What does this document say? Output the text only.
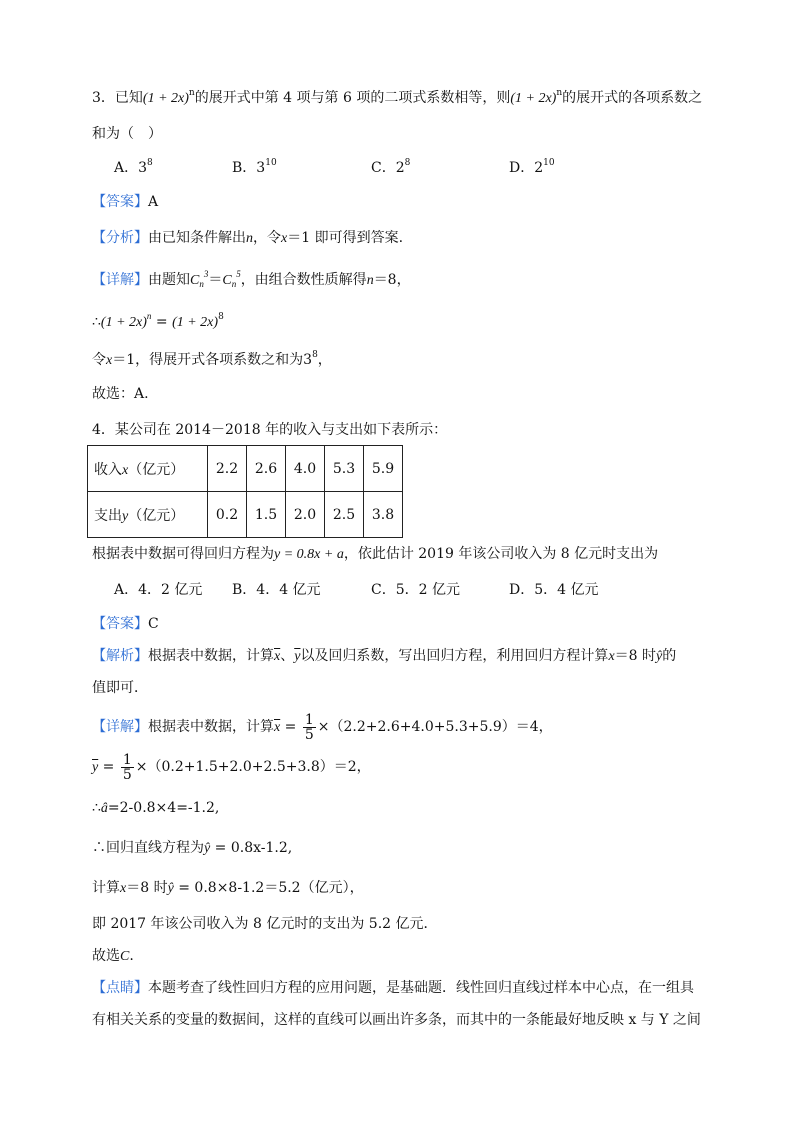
3．已知$(1 + 2x)^n$的展开式中第 4 项与第 6 项的二项式系数相等，则$(1 + 2x)^n$的展开式的各项系数之
和为（　）
A．$3^8$	B．$3^{10}$	C．$2^8$	D．$2^{10}$
【答案】A
【分析】由已知条件解出n，令x＝1 即可得到答案.
【详解】由题知$C_n^3=C_n^5$，由组合数性质解得n＝8，
∴(1 + $2x)^n = (1 + 2x)^8$
令x＝1，得展开式各项系数之和为$3^8$，
故选：A.
4．某公司在 2014－2018 年的收入与支出如下表所示：
收入x（亿元）	2.2	2.6	4.0	5.3	5.9
支出y（亿元）	0.2	1.5	2.0	2.5	3.8
根据表中数据可得回归方程为y = 0.8x + a，依此估计 2019 年该公司收入为 8 亿元时支出为
A．4．2 亿元 B．4．4 亿元	C．5．2 亿元	D．5．4 亿元
【答案】C
【解析】根据表中数据，计算$\overline{x}$、$\overline{y}$以及回归系数，写出回归方程，利用回归方程计算x＝8 时ŷ的
值即可．
【详解】根据表中数据，计算$\overline{x} = \frac{1}{5} \times(2.2+2.6+4.0+5.3+5.9)=4$，
$\overline{y} = \frac{1}{5} \times(0.2+1.5+2.0+2.5+3.8)=2$，
∴â=2-0.8×4=-1.2,
∴回归直线方程为ŷ = 0.8x-1.2,
计算x＝8 时ŷ = 0.8×8-1.2＝5.2（亿元），
即 2017 年该公司收入为 8 亿元时的支出为 5.2 亿元．
故选C.
【点睛】本题考查了线性回归方程的应用问题，是基础题．线性回归直线过样本中心点，在一组具
有相关关系的变量的数据间，这样的直线可以画出许多条，而其中的一条能最好地反映 x 与 Y 之间
